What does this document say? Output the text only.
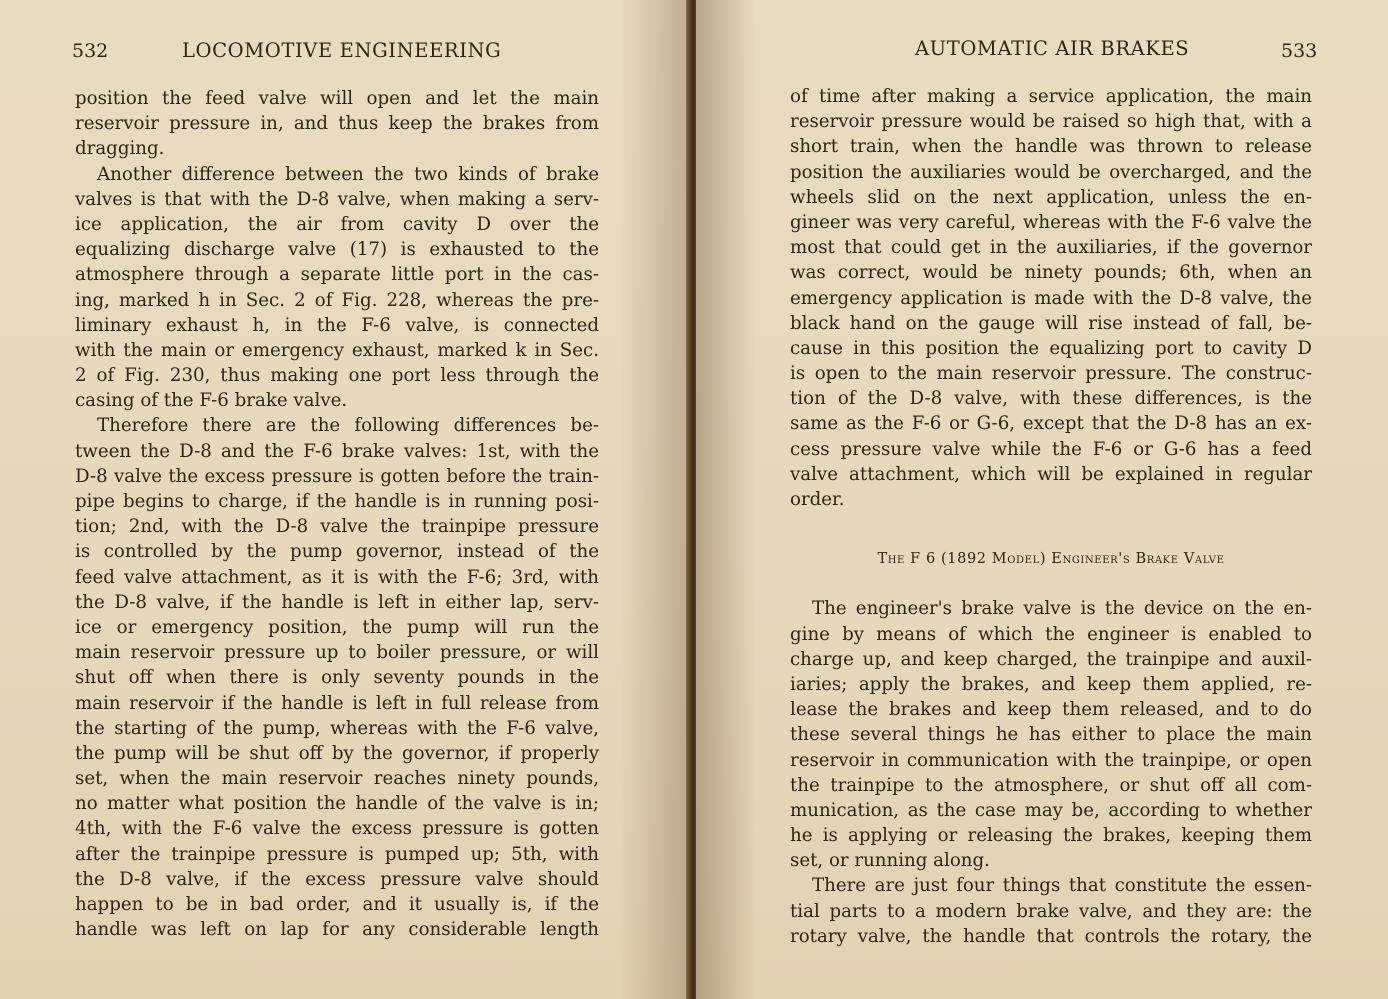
532	LOCOMOTIVE ENGINEERING
position the feed valve will open and let the main
reservoir pressure in, and thus keep the brakes from
dragging.
Another difference between the two kinds of brake
valves is that with the D-8 valve, when making a serv-
ice application, the air from cavity D over the
equalizing discharge valve (17) is exhausted to the
atmosphere through a separate little port in the cas-
ing, marked h in Sec. 2 of Fig. 228, whereas the pre-
liminary exhaust h, in the F-6 valve, is connected
with the main or emergency exhaust, marked k in Sec.
2 of Fig. 230, thus making one port less through the
casing of the F-6 brake valve.
Therefore there are the following differences be-
tween the D-8 and the F-6 brake valves: 1st, with the
D-8 valve the excess pressure is gotten before the train-
pipe begins to charge, if the handle is in running posi-
tion; 2nd, with the D-8 valve the trainpipe pressure
is controlled by the pump governor, instead of the
feed valve attachment, as it is with the F-6; 3rd, with
the D-8 valve, if the handle is left in either lap, serv-
ice or emergency position, the pump will run the
main reservoir pressure up to boiler pressure, or will
shut off when there is only seventy pounds in the
main reservoir if the handle is left in full release from
the starting of the pump, whereas with the F-6 valve,
the pump will be shut off by the governor, if properly
set, when the main reservoir reaches ninety pounds,
no matter what position the handle of the valve is in;
4th, with the F-6 valve the excess pressure is gotten
after the trainpipe pressure is pumped up; 5th, with
the D-8 valve, if the excess pressure valve should
happen to be in bad order, and it usually is, if the
handle was left on lap for any considerable length
AUTOMATIC AIR BRAKES	533
of time after making a service application, the main
reservoir pressure would be raised so high that, with a
short train, when the handle was thrown to release
position the auxiliaries would be overcharged, and the
wheels slid on the next application, unless the en-
gineer was very careful, whereas with the F-6 valve the
most that could get in the auxiliaries, if the governor
was correct, would be ninety pounds; 6th, when an
emergency application is made with the D-8 valve, the
black hand on the gauge will rise instead of fall, be-
cause in this position the equalizing port to cavity D
is open to the main reservoir pressure. The construc-
tion of the D-8 valve, with these differences, is the
same as the F-6 or G-6, except that the D-8 has an ex-
cess pressure valve while the F-6 or G-6 has a feed
valve attachment, which will be explained in regular
order.
The F 6 (1892 Model) Engineer's Brake Valve
The engineer's brake valve is the device on the en-
gine by means of which the engineer is enabled to
charge up, and keep charged, the trainpipe and auxil-
iaries; apply the brakes, and keep them applied, re-
lease the brakes and keep them released, and to do
these several things he has either to place the main
reservoir in communication with the trainpipe, or open
the trainpipe to the atmosphere, or shut off all com-
munication, as the case may be, according to whether
he is applying or releasing the brakes, keeping them
set, or running along.
There are just four things that constitute the essen-
tial parts to a modern brake valve, and they are: the
rotary valve, the handle that controls the rotary, the
